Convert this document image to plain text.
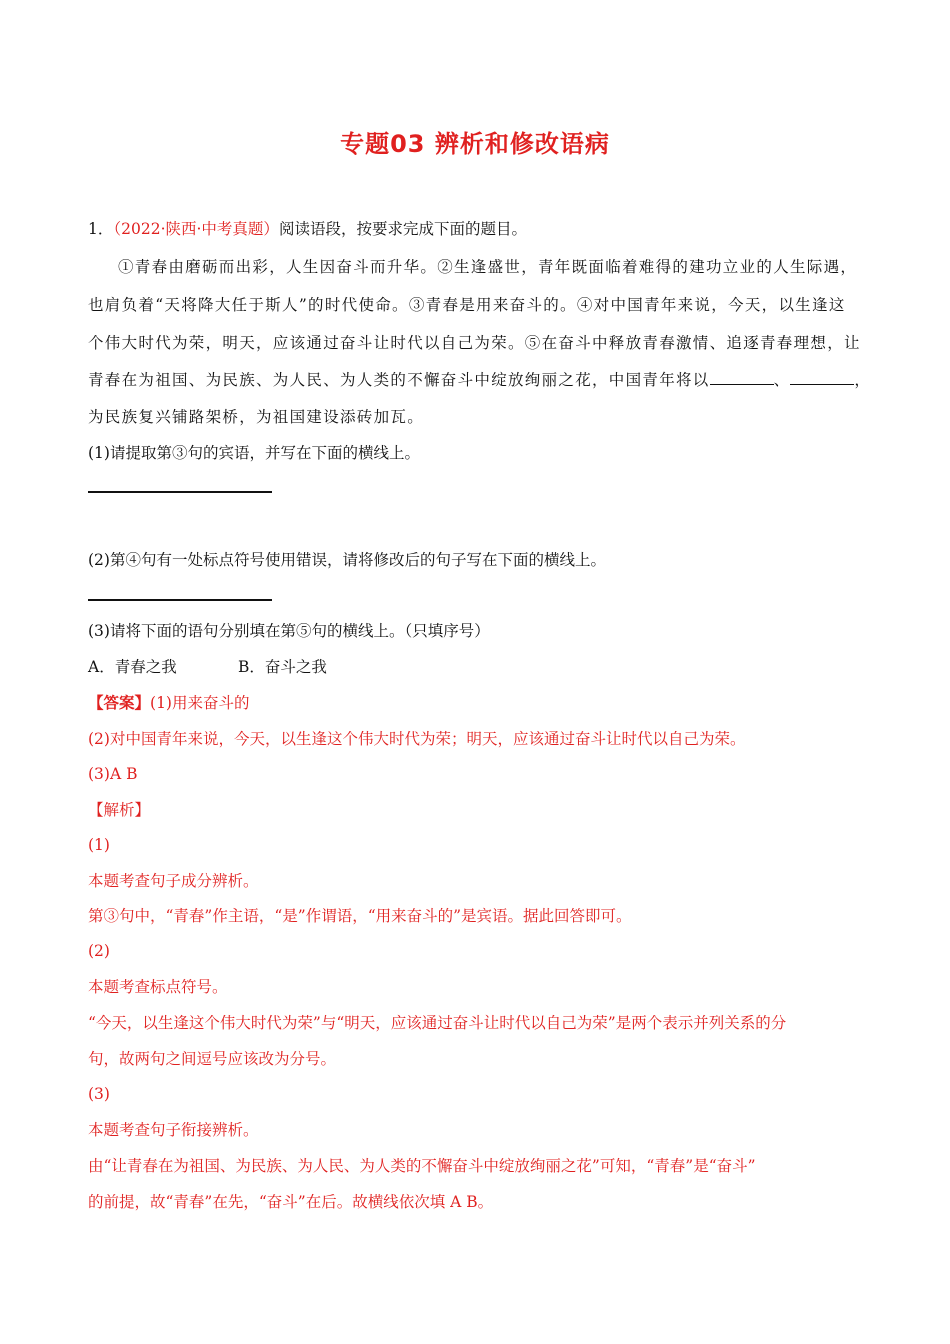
专题03 辨析和修改语病
1．（2022·陕西·中考真题）阅读语段，按要求完成下面的题目。
①青春由磨砺而出彩，人生因奋斗而升华。②生逢盛世，青年既面临着难得的建功立业的人生际遇，
也肩负着“天将降大任于斯人”的时代使命。③青春是用来奋斗的。④对中国青年来说，今天，以生逢这
个伟大时代为荣，明天，应该通过奋斗让时代以自己为荣。⑤在奋斗中释放青春激情、追逐青春理想，让
青春在为祖国、为民族、为人民、为人类的不懈奋斗中绽放绚丽之花，中国青年将以	、	，
为民族复兴铺路架桥，为祖国建设添砖加瓦。
(1)请提取第③句的宾语，并写在下面的横线上。
(2)第④句有一处标点符号使用错误，请将修改后的句子写在下面的横线上。
(3)请将下面的语句分别填在第⑤句的横线上。（只填序号）
A．青春之我	B．奋斗之我
【答案】(1)用来奋斗的
(2)对中国青年来说，今天，以生逢这个伟大时代为荣；明天，应该通过奋斗让时代以自己为荣。
(3)A B
【解析】
(1)
本题考查句子成分辨析。
第③句中，“青春”作主语，“是”作谓语，“用来奋斗的”是宾语。据此回答即可。
(2)
本题考查标点符号。
“今天，以生逢这个伟大时代为荣”与“明天，应该通过奋斗让时代以自己为荣”是两个表示并列关系的分
句，故两句之间逗号应该改为分号。
(3)
本题考查句子衔接辨析。
由“让青春在为祖国、为民族、为人民、为人类的不懈奋斗中绽放绚丽之花”可知，“青春”是“奋斗”
的前提，故“青春”在先，“奋斗”在后。故横线依次填 A B。
